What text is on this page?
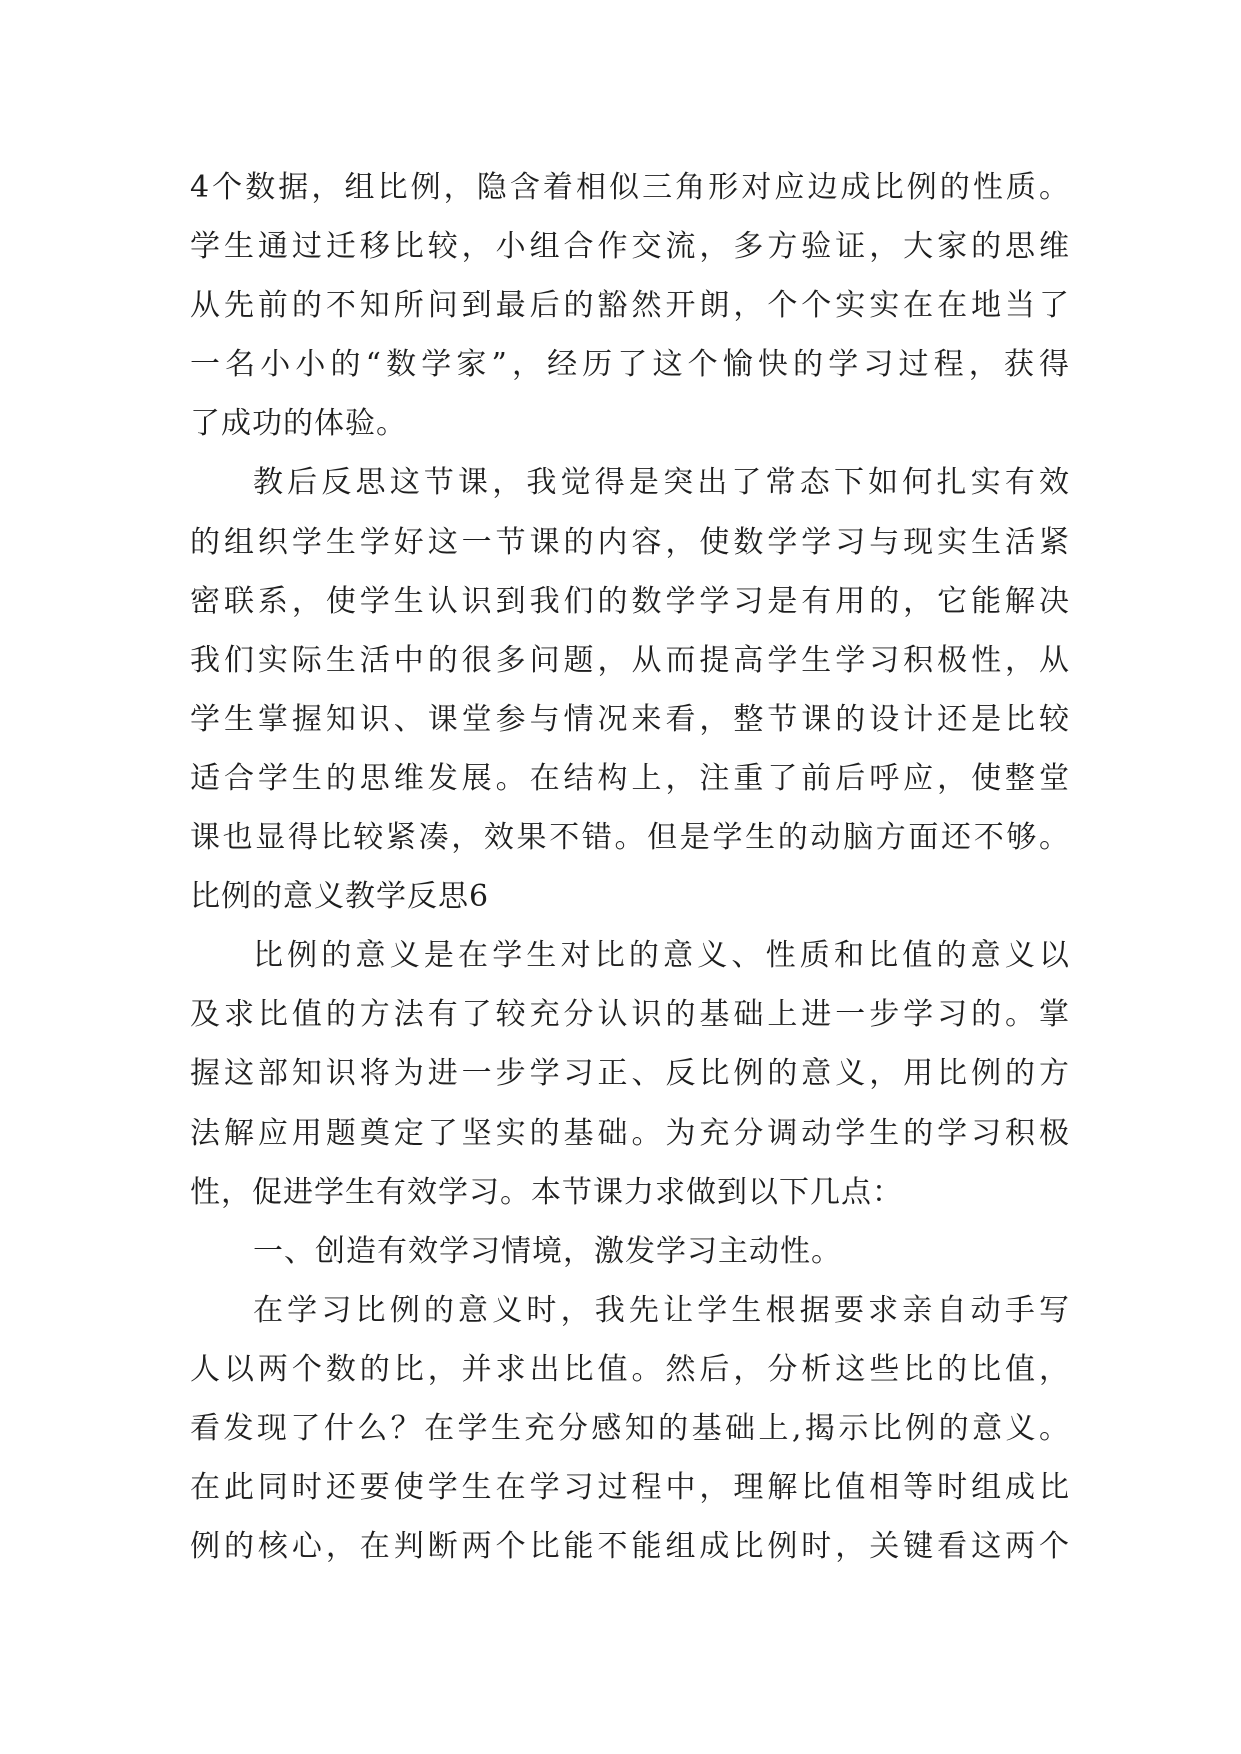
4个数据，组比例，隐含着相似三角形对应边成比例的性质。
学生通过迁移比较，小组合作交流，多方验证，大家的思维
从先前的不知所问到最后的豁然开朗，个个实实在在地当了
一名小小的“数学家”，经历了这个愉快的学习过程，获得
了成功的体验。
教后反思这节课，我觉得是突出了常态下如何扎实有效
的组织学生学好这一节课的内容，使数学学习与现实生活紧
密联系，使学生认识到我们的数学学习是有用的，它能解决
我们实际生活中的很多问题，从而提高学生学习积极性，从
学生掌握知识、课堂参与情况来看，整节课的设计还是比较
适合学生的思维发展。在结构上，注重了前后呼应，使整堂
课也显得比较紧凑，效果不错。但是学生的动脑方面还不够。
比例的意义教学反思6
比例的意义是在学生对比的意义、性质和比值的意义以
及求比值的方法有了较充分认识的基础上进一步学习的。掌
握这部知识将为进一步学习正、反比例的意义，用比例的方
法解应用题奠定了坚实的基础。为充分调动学生的学习积极
性，促进学生有效学习。本节课力求做到以下几点：
一、创造有效学习情境，激发学习主动性。
在学习比例的意义时，我先让学生根据要求亲自动手写
人以两个数的比，并求出比值。然后，分析这些比的比值，
看发现了什么？在学生充分感知的基础上,揭示比例的意义。
在此同时还要使学生在学习过程中，理解比值相等时组成比
例的核心，在判断两个比能不能组成比例时，关键看这两个
